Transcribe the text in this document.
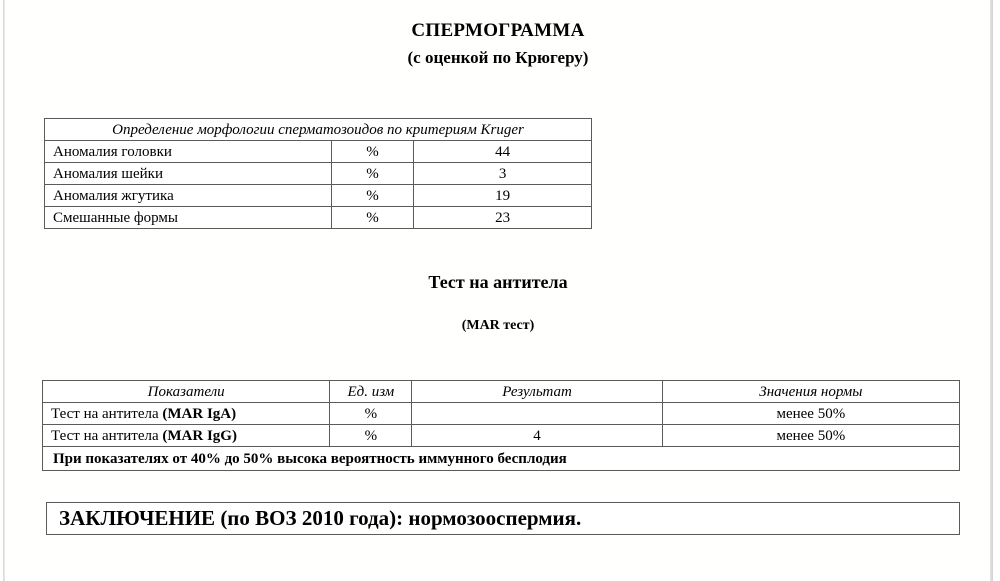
СПЕРМОГРАММА
(с оценкой по Крюгеру)
Определение морфологии сперматозоидов по критериям Kruger		
Аномалия головки	%	44
Аномалия шейки	%	3
Аномалия жгутика	%	19
Смешанные формы	%	23
Тест на антитела
(MAR тест)
Показатели	Ед. изм	Результат	Значения нормы
Тест на антитела (MAR IgA)	%		менее 50%
Тест на антитела (MAR IgG)	%	4	менее 50%
При показателях от 40% до 50% высока вероятность иммунного бесплодия			
ЗАКЛЮЧЕНИЕ (по ВОЗ 2010 года): нормозооспермия.
